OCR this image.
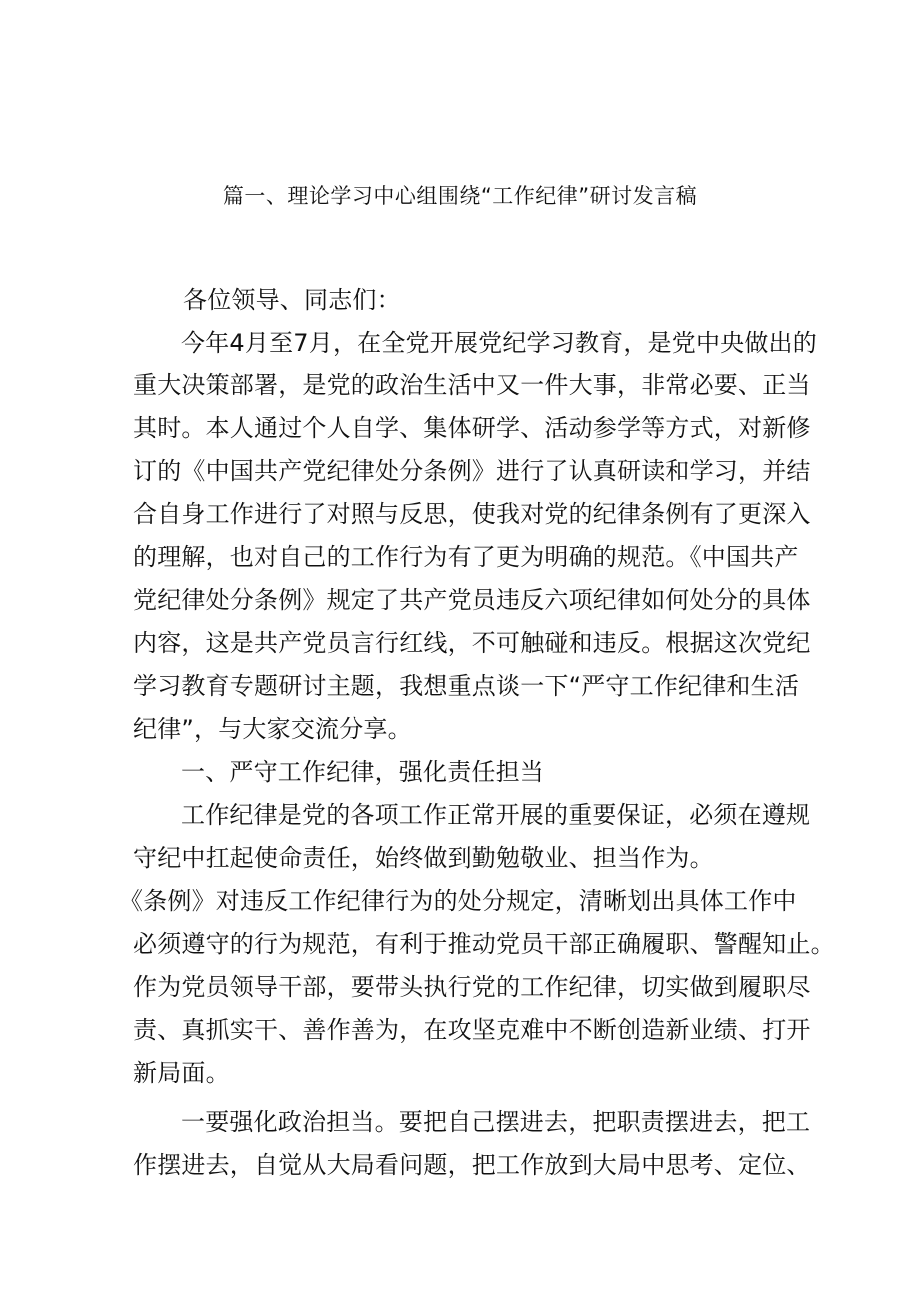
篇一、理论学习中心组围绕“工作纪律”研讨发言稿
各位领导、同志们：
今年4月至7月，在全党开展党纪学习教育，是党中央做出的
重大决策部署，是党的政治生活中又一件大事，非常必要、正当
其时。本人通过个人自学、集体研学、活动参学等方式，对新修
订的《中国共产党纪律处分条例》进行了认真研读和学习，并结
合自身工作进行了对照与反思，使我对党的纪律条例有了更深入
的理解，也对自己的工作行为有了更为明确的规范。《中国共产
党纪律处分条例》规定了共产党员违反六项纪律如何处分的具体
内容，这是共产党员言行红线，不可触碰和违反。根据这次党纪
学习教育专题研讨主题，我想重点谈一下“严守工作纪律和生活
纪律”，与大家交流分享。
一、严守工作纪律，强化责任担当
工作纪律是党的各项工作正常开展的重要保证，必须在遵规
守纪中扛起使命责任，始终做到勤勉敬业、担当作为。
《条例》对违反工作纪律行为的处分规定，清晰划出具体工作中
必须遵守的行为规范，有利于推动党员干部正确履职、警醒知止。
作为党员领导干部，要带头执行党的工作纪律，切实做到履职尽
责、真抓实干、善作善为，在攻坚克难中不断创造新业绩、打开
新局面。
一要强化政治担当。要把自己摆进去，把职责摆进去，把工
作摆进去，自觉从大局看问题，把工作放到大局中思考、定位、
